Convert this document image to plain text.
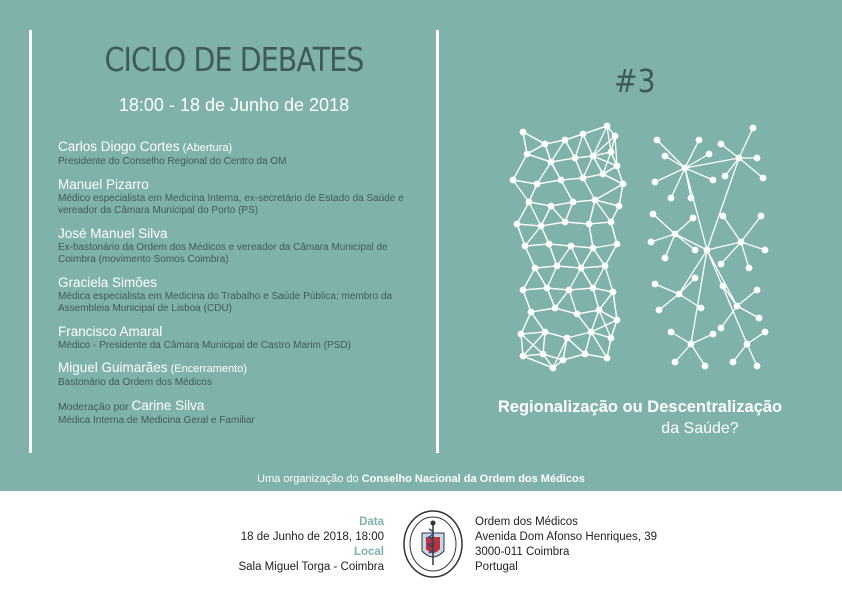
CICLO DE DEBATES
18:00 - 18 de Junho de 2018
Carlos Diogo Cortes (Abertura)
Presidente do Conselho Regional do Centro da OM
Manuel Pizarro
Médico especialista em Medicina Interna, ex-secretário de Estado da Saúde e vereador da Câmara Municipal do Porto (PS)
José Manuel Silva
Ex-bastonário da Ordem dos Médicos e vereador da Câmara Municipal de Coimbra (movimento Somos Coimbra)
Graciela Simões
Médica especialista em Medicina do Trabalho e Saúde Pública; membro da Assembleia Municipal de Lisboa (CDU)
Francisco Amaral
Médico - Presidente da Câmara Municipal de Castro Marim (PSD)
Miguel Guimarães (Encerramento)
Bastonário da Ordem dos Médicos
Moderação por Carine Silva
Médica Interna de Medicina Geral e Familiar
#3
Regionalização ou Descentralização
da Saúde?
Uma organização do Conselho Nacional da Ordem dos Médicos
Data
18 de Junho de 2018, 18:00
Local
Sala Miguel Torga - Coimbra
Ordem dos Médicos
Avenida Dom Afonso Henriques, 39
3000-011 Coimbra
Portugal
